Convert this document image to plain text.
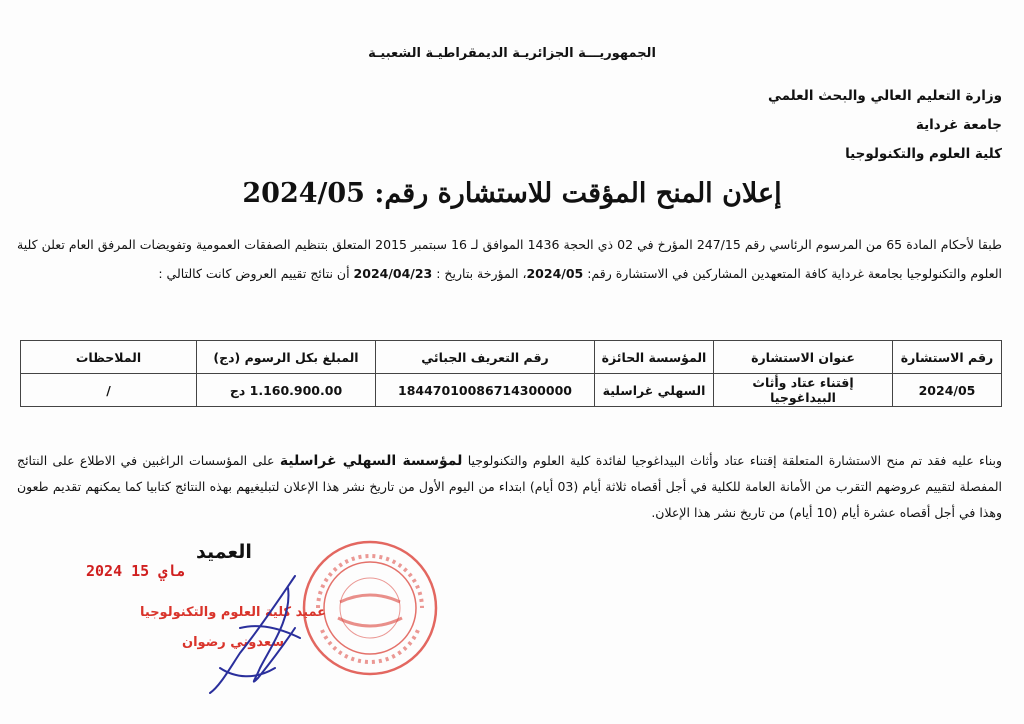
الجمهوريـــة الجزائريـة الديمقراطيـة الشعبيـة
وزارة التعليم العالي والبحث العلمي
جامعة غرداية
كلية العلوم والتكنولوجيا
إعلان المنح المؤقت للاستشارة رقم: 2024/05
طبقا لأحكام المادة 65 من المرسوم الرئاسي رقم 247/15 المؤرخ في 02 ذي الحجة 1436 الموافق لـ 16 سبتمبر 2015 المتعلق بتنظيم الصفقات العمومية وتفويضات المرفق العام تعلن كلية العلوم والتكنولوجيا بجامعة غرداية كافة المتعهدين المشاركين في الاستشارة رقم: 2024/05، المؤرخة بتاريخ : 2024/04/23 أن نتائج تقييم العروض كانت كالتالي :
رقم الاستشارة	عنوان الاستشارة	المؤسسة الحائزة	رقم التعريف الجبائي	المبلغ بكل الرسوم (دج)	الملاحظات
2024/05	إقتناء عتاد وأثاث البيداغوجيا	السهلي غراسلية	18447010086714300000	1.160.900.00 دج	/
وبناء عليه فقد تم منح الاستشارة المتعلقة إقتناء عتاد وأثاث البيداغوجيا لفائدة كلية العلوم والتكنولوجيا لمؤسسة السهلي غراسلية على المؤسسات الراغبين في الاطلاع على النتائج المفصلة لتقييم عروضهم التقرب من الأمانة العامة للكلية في أجل أقصاه ثلاثة أيام (03 أيام) ابتداء من اليوم الأول من تاريخ نشر هذا الإعلان لتبليغيهم بهذه النتائج كتابيا كما يمكنهم تقديم طعون وهذا في أجل أقصاه عشرة أيام (10 أيام) من تاريخ نشر هذا الإعلان.
العميد
2024 ماي 15
عميد كلية العلوم والتكنولوجيا
سعدوني رضوان
